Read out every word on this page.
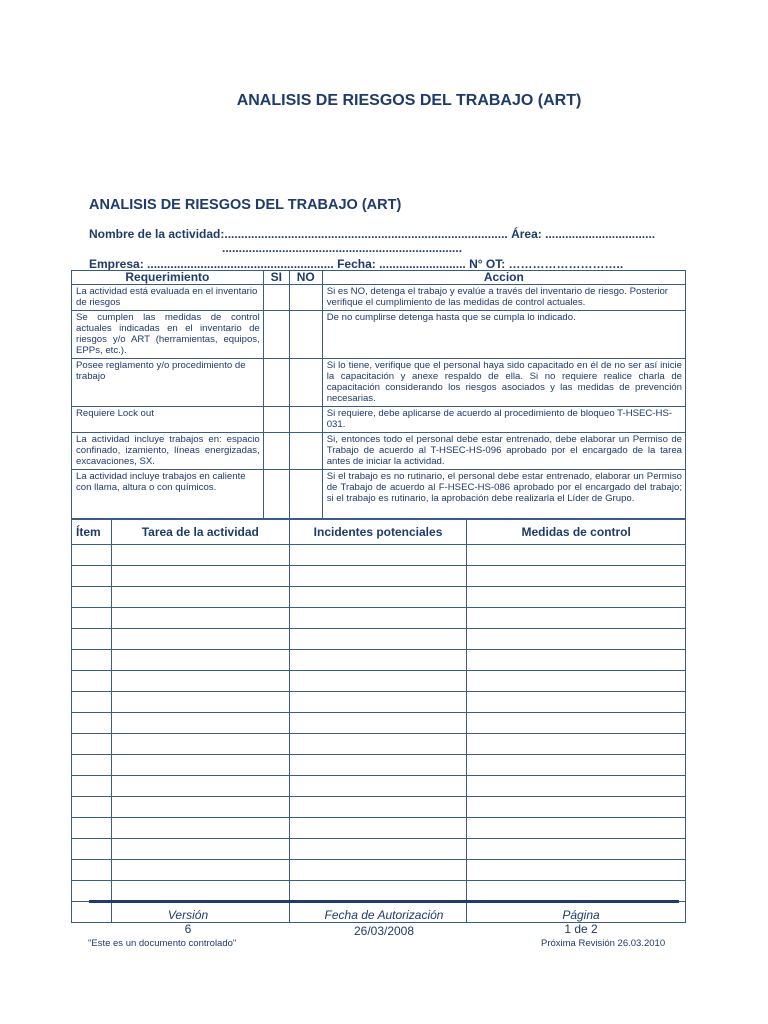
ANALISIS DE RIESGOS DEL TRABAJO (ART)
ANALISIS DE RIESGOS DEL TRABAJO (ART)
Nombre de la actividad:..................................................................................... Área: .................................
........................................................................
Empresa: ........................................................ Fecha: .......................... N° OT: ………………………..
Requerimiento	SI	NO	Accion
La actividad está evaluada en el inventario de riesgos			Si es NO, detenga el trabajo y evalúe a través del inventario de riesgo. Posterior verifique el cumplimiento de las medidas de control actuales.
Se cumplen las medidas de control actuales indicadas en el inventario de riesgos y/o ART (herramientas, equipos, EPPs, etc.).			De no cumplirse detenga hasta que se cumpla lo indicado.
Posee reglamento y/o procedimiento de trabajo			Si lo tiene, verifique que el personal haya sido capacitado en él de no ser así inicie la capacitación y anexe respaldo de ella. Si no requiere realice charla de capacitación considerando los riesgos asociados y las medidas de prevención necesarias.
Requiere Lock out			Si requiere, debe aplicarse de acuerdo al procedimiento de bloqueo T-HSEC-HS-031.
La actividad incluye trabajos en: espacio confinado, izamiento, líneas energizadas, excavaciones, SX.			Si, entonces todo el personal debe estar entrenado, debe elaborar un Permiso de Trabajo de acuerdo al T-HSEC-HS-096 aprobado por el encargado de la tarea antes de iniciar la actividad.
La actividad incluye trabajos en caliente con llama, altura o con químicos.			Si el trabajo es no rutinario, el personal debe estar entrenado, elaborar un Permiso de Trabajo de acuerdo al F-HSEC-HS-086 aprobado por el encargado del trabajo; si el trabajo es rutinario, la aprobación debe realizarla el Líder de Grupo.
Ítem	Tarea de la actividad	Incidentes potenciales	Medidas de control

Versión
6
"Este es un documento controlado"
Fecha de Autorización
26/03/2008
Página
1 de 2
Próxima Revisión 26.03.2010
